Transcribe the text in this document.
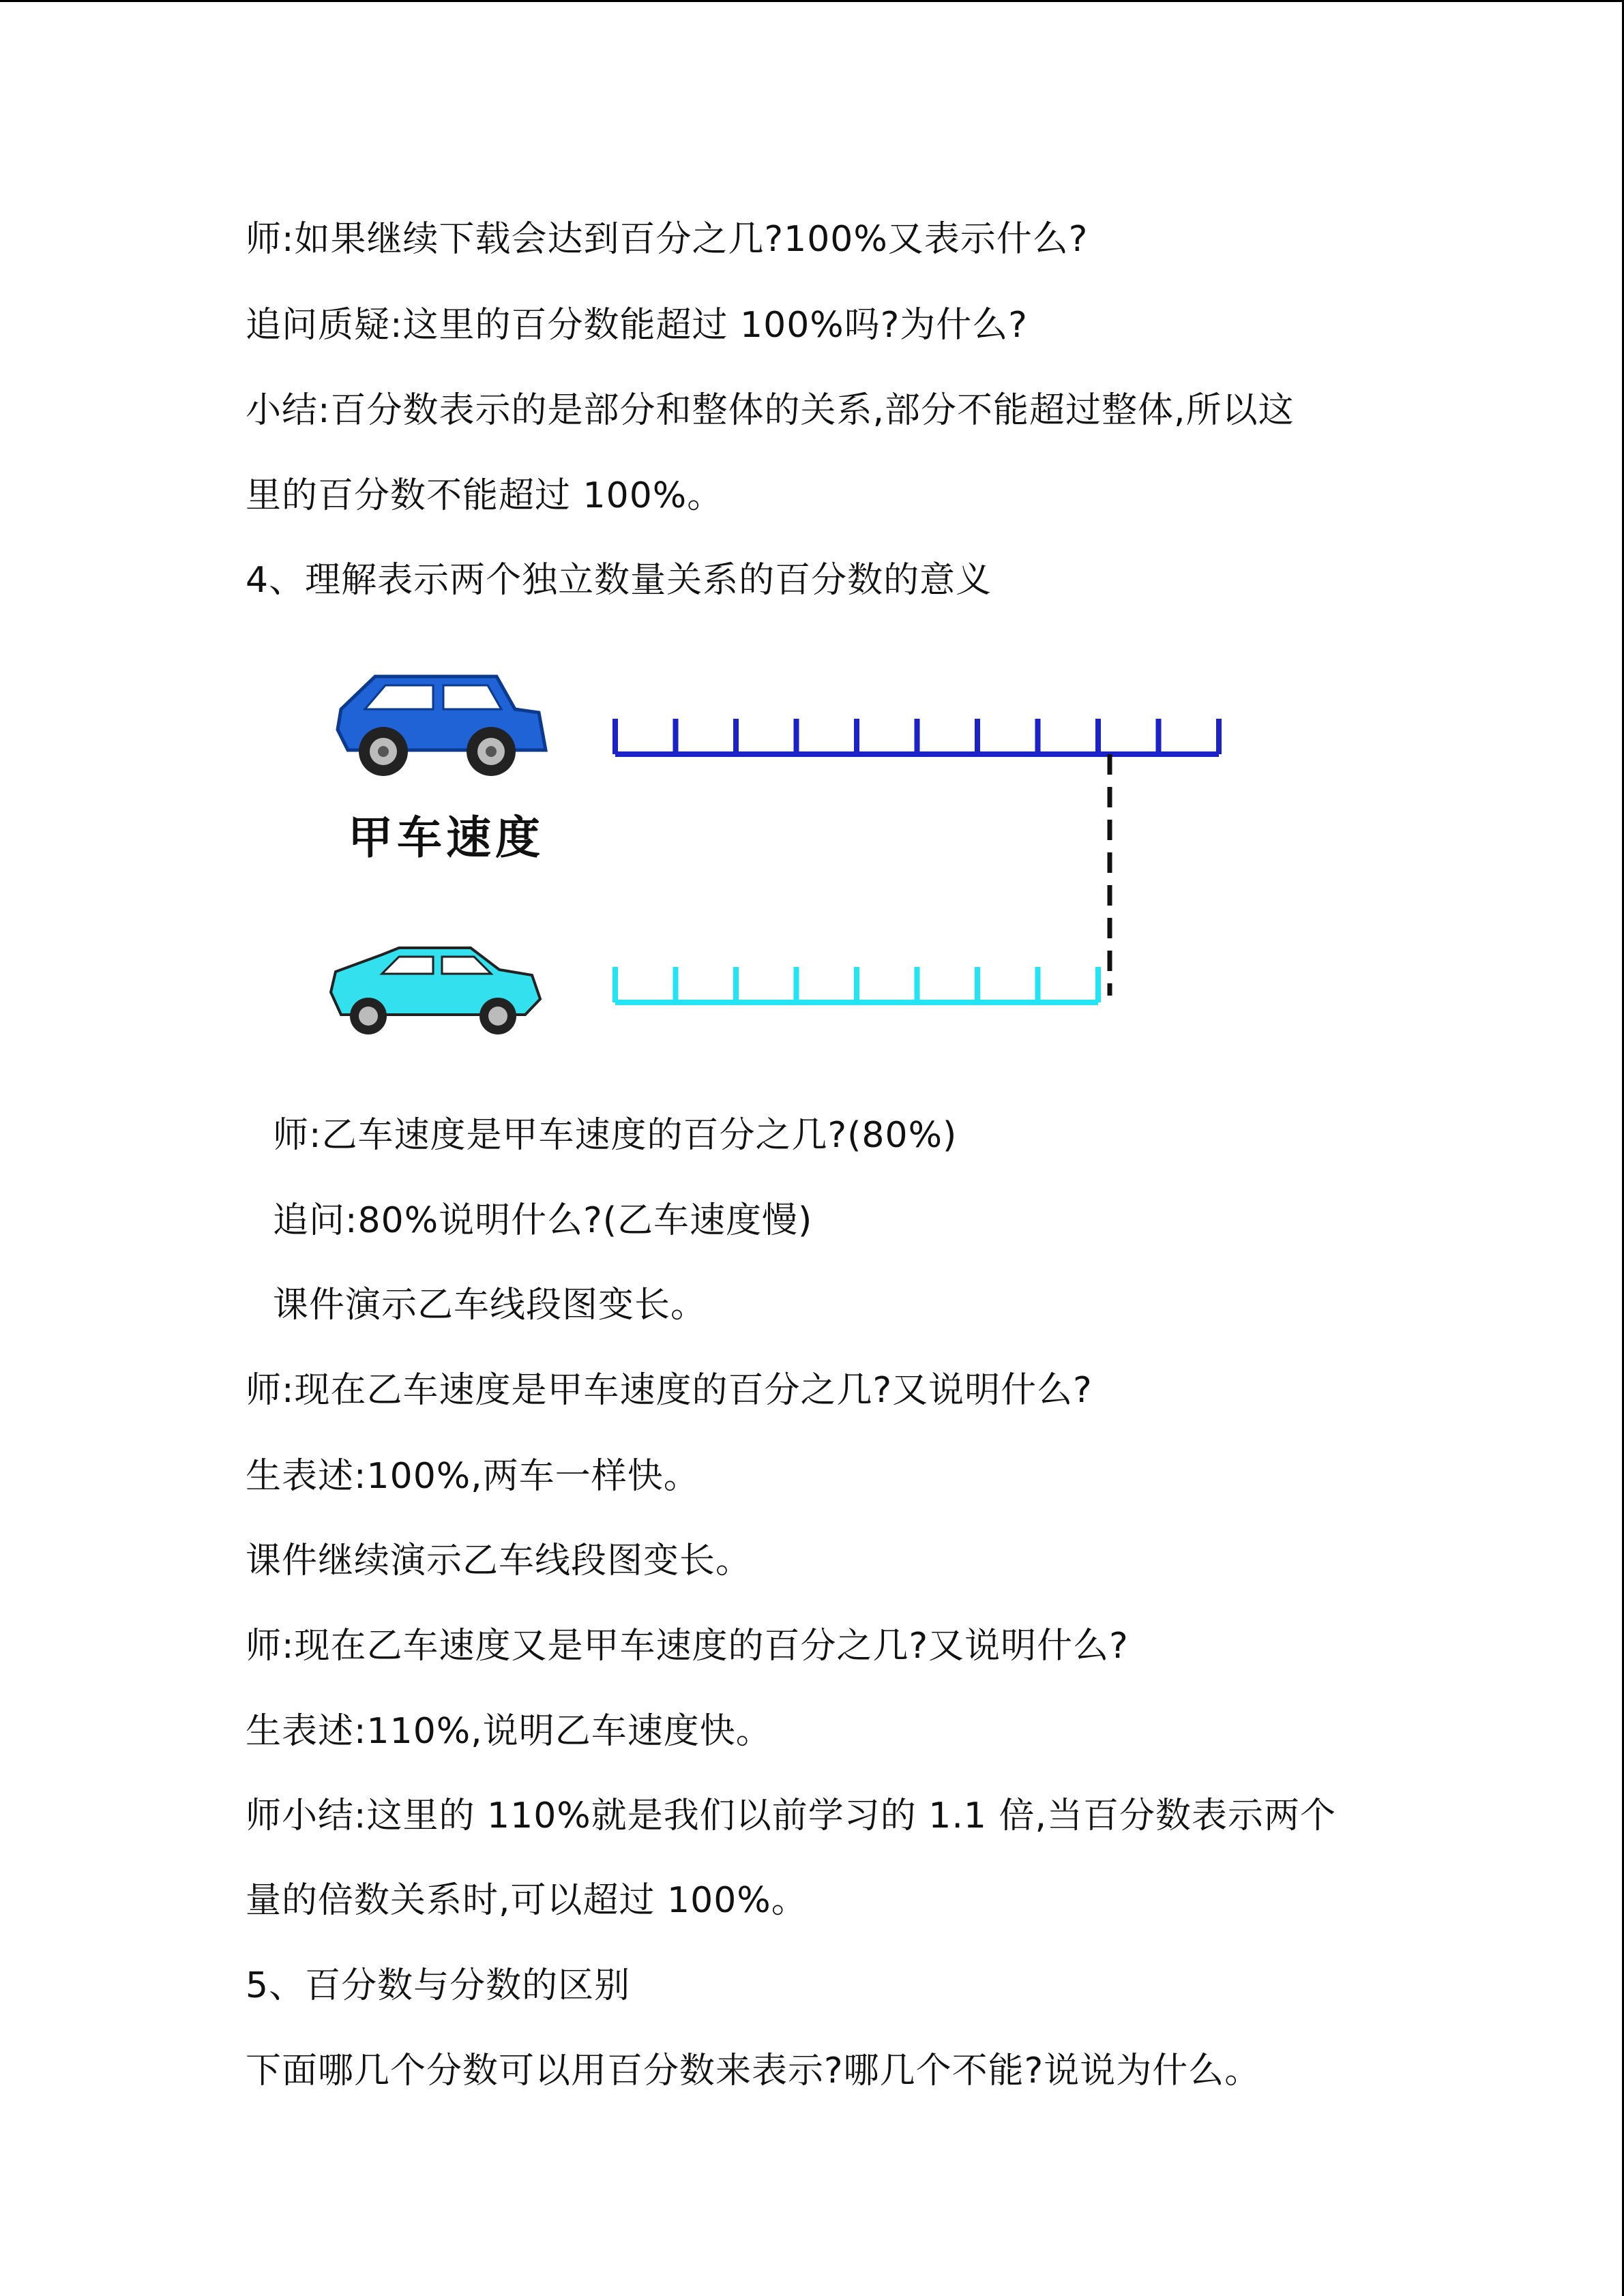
师:如果继续下载会达到百分之几?100%又表示什么?
追问质疑:这里的百分数能超过 100%吗?为什么?
小结:百分数表示的是部分和整体的关系,部分不能超过整体,所以这
里的百分数不能超过 100%。
4、理解表示两个独立数量关系的百分数的意义
甲车速度
师:乙车速度是甲车速度的百分之几?(80%)
追问:80%说明什么?(乙车速度慢)
课件演示乙车线段图变长。
师:现在乙车速度是甲车速度的百分之几?又说明什么?
生表述:100%,两车一样快。
课件继续演示乙车线段图变长。
师:现在乙车速度又是甲车速度的百分之几?又说明什么?
生表述:110%,说明乙车速度快。
师小结:这里的 110%就是我们以前学习的 1.1 倍,当百分数表示两个
量的倍数关系时,可以超过 100%。
5、百分数与分数的区别
下面哪几个分数可以用百分数来表示?哪几个不能?说说为什么。
